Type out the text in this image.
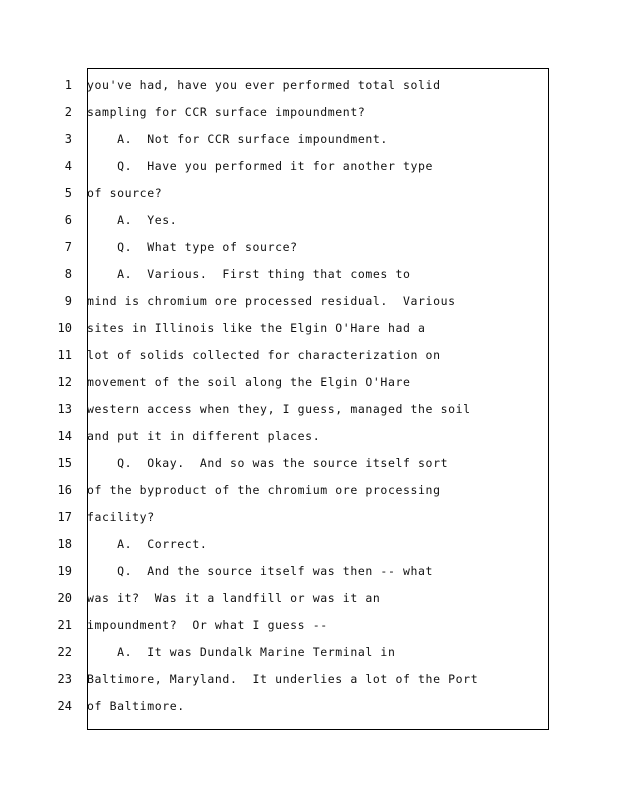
1 you've had, have you ever performed total solid
2 sampling for CCR surface impoundment?
3 A.  Not for CCR surface impoundment.
4 Q.  Have you performed it for another type
5 of source?
6 A.  Yes.
7 Q.  What type of source?
8 A.  Various.  First thing that comes to
9 mind is chromium ore processed residual.  Various
10 sites in Illinois like the Elgin O'Hare had a
11 lot of solids collected for characterization on
12 movement of the soil along the Elgin O'Hare
13 western access when they, I guess, managed the soil
14 and put it in different places.
15 Q.  Okay.  And so was the source itself sort
16 of the byproduct of the chromium ore processing
17 facility?
18 A.  Correct.
19 Q.  And the source itself was then -- what
20 was it?  Was it a landfill or was it an
21 impoundment?  Or what I guess --
22 A.  It was Dundalk Marine Terminal in
23 Baltimore, Maryland.  It underlies a lot of the Port
24 of Baltimore.
